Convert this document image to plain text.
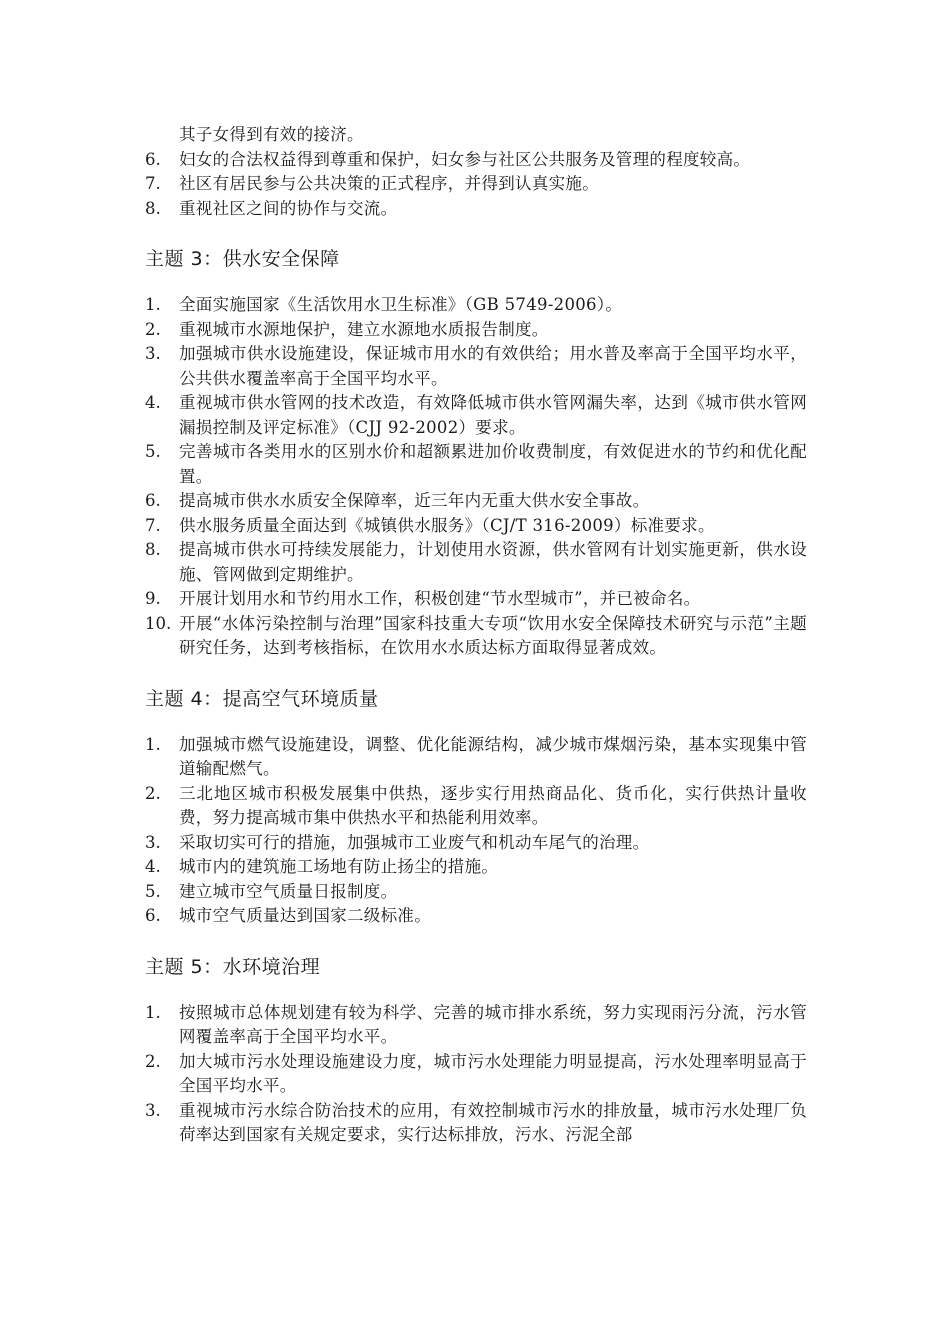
其子女得到有效的接济。
6.	妇女的合法权益得到尊重和保护，妇女参与社区公共服务及管理的程度较高。
7.	社区有居民参与公共决策的正式程序，并得到认真实施。
8.	重视社区之间的协作与交流。
主题 3：供水安全保障
1.	全面实施国家《生活饮用水卫生标准》（GB 5749-2006）。
2.	重视城市水源地保护，建立水源地水质报告制度。
3.	加强城市供水设施建设，保证城市用水的有效供给；用水普及率高于全国平均水平，公共供水覆盖率高于全国平均水平。
4.	重视城市供水管网的技术改造，有效降低城市供水管网漏失率，达到《城市供水管网漏损控制及评定标准》（CJJ 92-2002）要求。
5.	完善城市各类用水的区别水价和超额累进加价收费制度，有效促进水的节约和优化配置。
6.	提高城市供水水质安全保障率，近三年内无重大供水安全事故。
7.	供水服务质量全面达到《城镇供水服务》（CJ/T 316-2009）标准要求。
8.	提高城市供水可持续发展能力，计划使用水资源，供水管网有计划实施更新，供水设施、管网做到定期维护。
9.	开展计划用水和节约用水工作，积极创建“节水型城市”，并已被命名。
10. 开展“水体污染控制与治理”国家科技重大专项“饮用水安全保障技术研究与示范”主题研究任务，达到考核指标，在饮用水水质达标方面取得显著成效。
主题 4：提高空气环境质量
1.	加强城市燃气设施建设，调整、优化能源结构，减少城市煤烟污染，基本实现集中管道输配燃气。
2.	三北地区城市积极发展集中供热，逐步实行用热商品化、货币化，实行供热计量收费，努力提高城市集中供热水平和热能利用效率。
3.	采取切实可行的措施，加强城市工业废气和机动车尾气的治理。
4.	城市内的建筑施工场地有防止扬尘的措施。
5.	建立城市空气质量日报制度。
6.	城市空气质量达到国家二级标准。
主题 5：水环境治理
1.	按照城市总体规划建有较为科学、完善的城市排水系统，努力实现雨污分流，污水管网覆盖率高于全国平均水平。
2.	加大城市污水处理设施建设力度，城市污水处理能力明显提高，污水处理率明显高于全国平均水平。
3.	重视城市污水综合防治技术的应用，有效控制城市污水的排放量，城市污水处理厂负荷率达到国家有关规定要求，实行达标排放，污水、污泥全部
